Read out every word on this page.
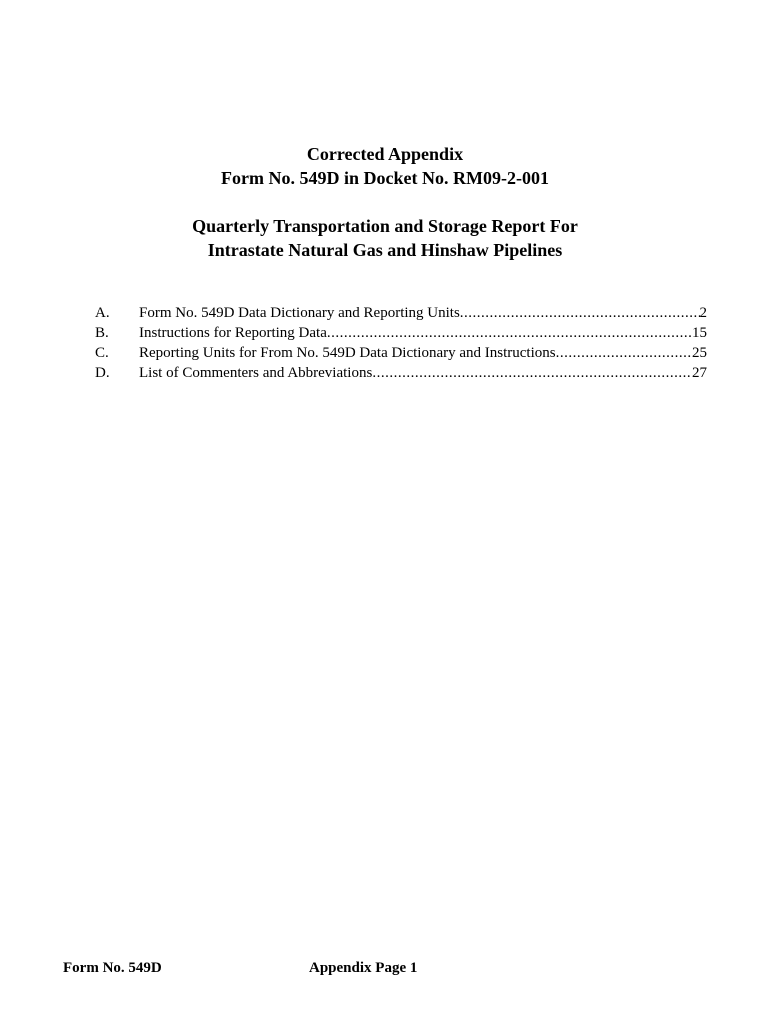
Corrected Appendix
Form No. 549D in Docket No. RM09-2-001
Quarterly Transportation and Storage Report For
Intrastate Natural Gas and Hinshaw Pipelines
A.	Form No. 549D Data Dictionary and Reporting Units .....	2
B.	Instructions for Reporting Data .....	15
C.	Reporting Units for From No. 549D Data Dictionary and Instructions .....	25
D.	List of Commenters and Abbreviations .....	27
Form No. 549D	Appendix Page 1
